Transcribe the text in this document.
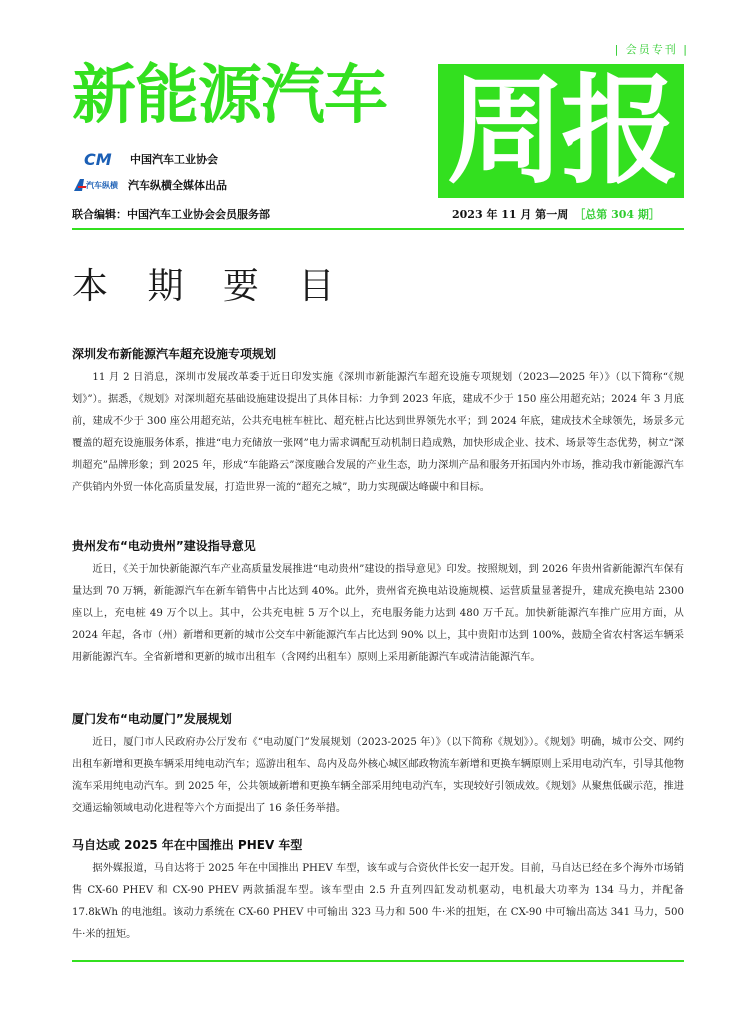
| 会员专刊 |
新能源汽车 周报
CM 中国汽车工业协会
汽车纵横 汽车纵横全媒体出品
联合编辑：中国汽车工业协会会员服务部	2023 年 11 月 第一周 ［总第 304 期］
本 期 要 目
深圳发布新能源汽车超充设施专项规划

11 月 2 日消息，深圳市发展改革委于近日印发实施《深圳市新能源汽车超充设施专项规划（2023—2025 年）》（以下简称“《规划》”）。据悉，《规划》对深圳超充基础设施建设提出了具体目标：力争到 2023 年底，建成不少于 150 座公用超充站；2024 年 3 月底前，建成不少于 300 座公用超充站，公共充电桩车桩比、超充桩占比达到世界领先水平；到 2024 年底，建成技术全球领先，场景多元覆盖的超充设施服务体系，推进“电力充储放一张网”电力需求调配互动机制日趋成熟，加快形成企业、技术、场景等生态优势，树立“深圳超充”品牌形象；到 2025 年，形成“车能路云”深度融合发展的产业生态，助力深圳产品和服务开拓国内外市场，推动我市新能源汽车产供销内外贸一体化高质量发展，打造世界一流的“超充之城”，助力实现碳达峰碳中和目标。

贵州发布“电动贵州”建设指导意见

近日，《关于加快新能源汽车产业高质量发展推进“电动贵州”建设的指导意见》印发。按照规划，到 2026 年贵州省新能源汽车保有量达到 70 万辆，新能源汽车在新车销售中占比达到 40%。此外，贵州省充换电站设施规模、运营质量显著提升，建成充换电站 2300 座以上，充电桩 49 万个以上。其中，公共充电桩 5 万个以上，充电服务能力达到 480 万千瓦。加快新能源汽车推广应用方面，从 2024 年起，各市（州）新增和更新的城市公交车中新能源汽车占比达到 90% 以上，其中贵阳市达到 100%，鼓励全省农村客运车辆采用新能源汽车。全省新增和更新的城市出租车（含网约出租车）原则上采用新能源汽车或清洁能源汽车。

厦门发布“电动厦门”发展规划

近日，厦门市人民政府办公厅发布《“电动厦门”发展规划（2023-2025 年）》（以下简称《规划》）。《规划》明确，城市公交、网约出租车新增和更换车辆采用纯电动汽车；巡游出租车、岛内及岛外核心城区邮政物流车新增和更换车辆原则上采用电动汽车，引导其他物流车采用纯电动汽车。到 2025 年，公共领域新增和更换车辆全部采用纯电动汽车，实现较好引领成效。《规划》从聚焦低碳示范，推进交通运输领域电动化进程等六个方面提出了 16 条任务举措。

马自达或 2025 年在中国推出 PHEV 车型

据外媒报道，马自达将于 2025 年在中国推出 PHEV 车型，该车或与合资伙伴长安一起开发。目前，马自达已经在多个海外市场销售 CX-60 PHEV 和 CX-90 PHEV 两款插混车型。该车型由 2.5 升直列四缸发动机驱动，电机最大功率为 134 马力，并配备 17.8kWh 的电池组。该动力系统在 CX-60 PHEV 中可输出 323 马力和 500 牛·米的扭矩，在 CX-90 中可输出高达 341 马力，500 牛·米的扭矩。
